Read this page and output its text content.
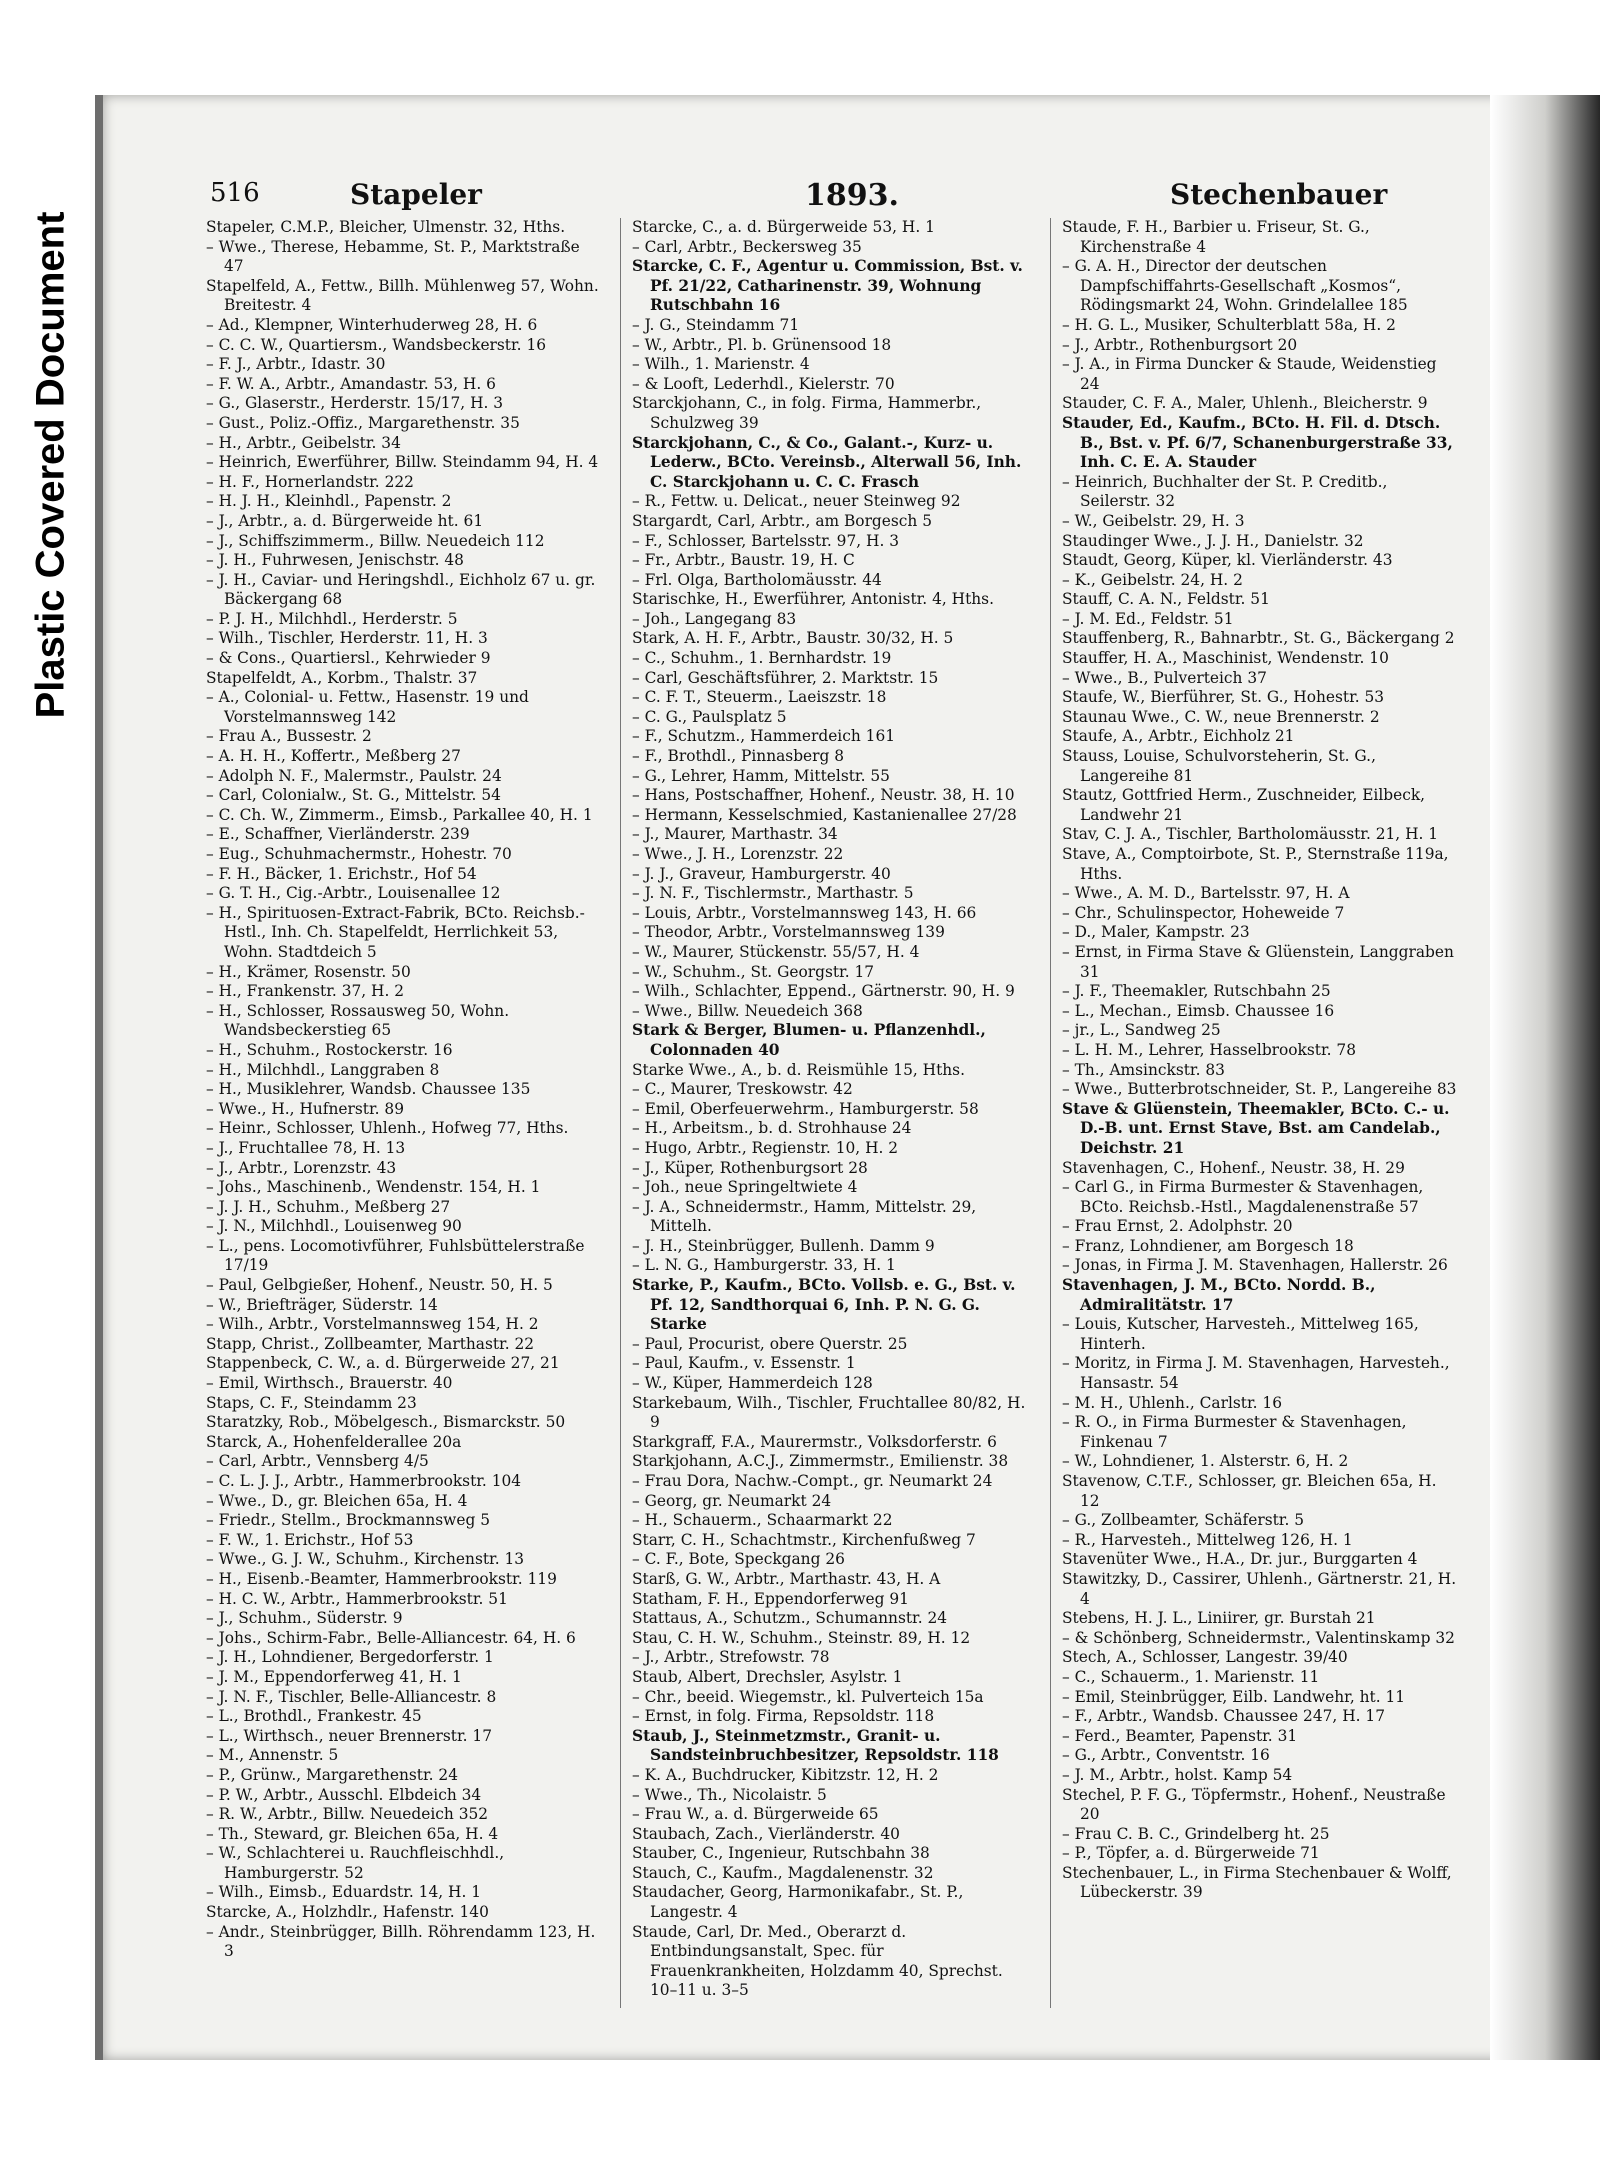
Plastic Covered Document
516	Stapeler	1893.	Stechenbauer
Stapeler, C.M.P., Bleicher, Ulmenstr. 32, Hths.
– Wwe., Therese, Hebamme, St. P., Marktstraße 47
Stapelfeld, A., Fettw., Billh. Mühlenweg 57, Wohn. Breitestr. 4
– Ad., Klempner, Winterhuderweg 28, H. 6
– C. C. W., Quartiersm., Wandsbeckerstr. 16
– F. J., Arbtr., Idastr. 30
– F. W. A., Arbtr., Amandastr. 53, H. 6
– G., Glaserstr., Herderstr. 15/17, H. 3
– Gust., Poliz.-Offiz., Margarethenstr. 35
– H., Arbtr., Geibelstr. 34
– Heinrich, Ewerführer, Billw. Steindamm 94, H. 4
– H. F., Hornerlandstr. 222
– H. J. H., Kleinhdl., Papenstr. 2
– J., Arbtr., a. d. Bürgerweide ht. 61
– J., Schiffszimmerm., Billw. Neuedeich 112
– J. H., Fuhrwesen, Jenischstr. 48
– J. H., Caviar- und Heringshdl., Eichholz 67 u. gr. Bäckergang 68
– P. J. H., Milchhdl., Herderstr. 5
– Wilh., Tischler, Herderstr. 11, H. 3
– & Cons., Quartiersl., Kehrwieder 9
Stapelfeldt, A., Korbm., Thalstr. 37
– A., Colonial- u. Fettw., Hasenstr. 19 und Vorstelmannsweg 142
– Frau A., Bussestr. 2
– A. H. H., Koffertr., Meßberg 27
– Adolph N. F., Malermstr., Paulstr. 24
– Carl, Colonialw., St. G., Mittelstr. 54
– C. Ch. W., Zimmerm., Eimsb., Parkallee 40, H. 1
– E., Schaffner, Vierländerstr. 239
– Eug., Schuhmachermstr., Hohestr. 70
– F. H., Bäcker, 1. Erichstr., Hof 54
– G. T. H., Cig.-Arbtr., Louisenallee 12
– H., Spirituosen-Extract-Fabrik, BCto. Reichsb.-Hstl., Inh. Ch. Stapelfeldt, Herrlichkeit 53, Wohn. Stadtdeich 5
– H., Krämer, Rosenstr. 50
– H., Frankenstr. 37, H. 2
– H., Schlosser, Rossausweg 50, Wohn. Wandsbeckerstieg 65
– H., Schuhm., Rostockerstr. 16
– H., Milchhdl., Langgraben 8
– H., Musiklehrer, Wandsb. Chaussee 135
– Wwe., H., Hufnerstr. 89
– Heinr., Schlosser, Uhlenh., Hofweg 77, Hths.
– J., Fruchtallee 78, H. 13
– J., Arbtr., Lorenzstr. 43
– Johs., Maschinenb., Wendenstr. 154, H. 1
– J. J. H., Schuhm., Meßberg 27
– J. N., Milchhdl., Louisenweg 90
– L., pens. Locomotivführer, Fuhlsbüttelerstraße 17/19
– Paul, Gelbgießer, Hohenf., Neustr. 50, H. 5
– W., Briefträger, Süderstr. 14
– Wilh., Arbtr., Vorstelmannsweg 154, H. 2
Stapp, Christ., Zollbeamter, Marthastr. 22
Stappenbeck, C. W., a. d. Bürgerweide 27, 21
– Emil, Wirthsch., Brauerstr. 40
Staps, C. F., Steindamm 23
Staratzky, Rob., Möbelgesch., Bismarckstr. 50
Starck, A., Hohenfelderallee 20a
– Carl, Arbtr., Vennsberg 4/5
– C. L. J. J., Arbtr., Hammerbrookstr. 104
– Wwe., D., gr. Bleichen 65a, H. 4
– Friedr., Stellm., Brockmannsweg 5
– F. W., 1. Erichstr., Hof 53
– Wwe., G. J. W., Schuhm., Kirchenstr. 13
– H., Eisenb.-Beamter, Hammerbrookstr. 119
– H. C. W., Arbtr., Hammerbrookstr. 51
– J., Schuhm., Süderstr. 9
– Johs., Schirm-Fabr., Belle-Alliancestr. 64, H. 6
– J. H., Lohndiener, Bergedorferstr. 1
– J. M., Eppendorferweg 41, H. 1
– J. N. F., Tischler, Belle-Alliancestr. 8
– L., Brothdl., Frankestr. 45
– L., Wirthsch., neuer Brennerstr. 17
– M., Annenstr. 5
– P., Grünw., Margarethenstr. 24
– P. W., Arbtr., Ausschl. Elbdeich 34
– R. W., Arbtr., Billw. Neuedeich 352
– Th., Steward, gr. Bleichen 65a, H. 4
– W., Schlachterei u. Rauchfleischhdl., Hamburgerstr. 52
– Wilh., Eimsb., Eduardstr. 14, H. 1
Starcke, A., Holzhdlr., Hafenstr. 140
– Andr., Steinbrügger, Billh. Röhrendamm 123, H. 3
Starcke, C., a. d. Bürgerweide 53, H. 1
– Carl, Arbtr., Beckersweg 35
Starcke, C. F., Agentur u. Commission, Bst. v. Pf. 21/22, Catharinenstr. 39, Wohnung Rutschbahn 16
– J. G., Steindamm 71
– W., Arbtr., Pl. b. Grünensood 18
– Wilh., 1. Marienstr. 4
– & Looft, Lederhdl., Kielerstr. 70
Starckjohann, C., in folg. Firma, Hammerbr., Schulzweg 39
Starckjohann, C., & Co., Galant.-, Kurz- u. Lederw., BCto. Vereinsb., Alterwall 56, Inh. C. Starckjohann u. C. C. Frasch
– R., Fettw. u. Delicat., neuer Steinweg 92
Stargardt, Carl, Arbtr., am Borgesch 5
– F., Schlosser, Bartelsstr. 97, H. 3
– Fr., Arbtr., Baustr. 19, H. C
– Frl. Olga, Bartholomäusstr. 44
Starischke, H., Ewerführer, Antonistr. 4, Hths.
– Joh., Langegang 83
Stark, A. H. F., Arbtr., Baustr. 30/32, H. 5
– C., Schuhm., 1. Bernhardstr. 19
– Carl, Geschäftsführer, 2. Marktstr. 15
– C. F. T., Steuerm., Laeiszstr. 18
– C. G., Paulsplatz 5
– F., Schutzm., Hammerdeich 161
– F., Brothdl., Pinnasberg 8
– G., Lehrer, Hamm, Mittelstr. 55
– Hans, Postschaffner, Hohenf., Neustr. 38, H. 10
– Hermann, Kesselschmied, Kastanienallee 27/28
– J., Maurer, Marthastr. 34
– Wwe., J. H., Lorenzstr. 22
– J. J., Graveur, Hamburgerstr. 40
– J. N. F., Tischlermstr., Marthastr. 5
– Louis, Arbtr., Vorstelmannsweg 143, H. 66
– Theodor, Arbtr., Vorstelmannsweg 139
– W., Maurer, Stückenstr. 55/57, H. 4
– W., Schuhm., St. Georgstr. 17
– Wilh., Schlachter, Eppend., Gärtnerstr. 90, H. 9
– Wwe., Billw. Neuedeich 368
Stark & Berger, Blumen- u. Pflanzenhdl., Colonnaden 40
Starke Wwe., A., b. d. Reismühle 15, Hths.
– C., Maurer, Treskowstr. 42
– Emil, Oberfeuerwehrm., Hamburgerstr. 58
– H., Arbeitsm., b. d. Strohhause 24
– Hugo, Arbtr., Regienstr. 10, H. 2
– J., Küper, Rothenburgsort 28
– Joh., neue Springeltwiete 4
– J. A., Schneidermstr., Hamm, Mittelstr. 29, Mittelh.
– J. H., Steinbrügger, Bullenh. Damm 9
– L. N. G., Hamburgerstr. 33, H. 1
Starke, P., Kaufm., BCto. Vollsb. e. G., Bst. v. Pf. 12, Sandthorquai 6, Inh. P. N. G. G. Starke
– Paul, Procurist, obere Querstr. 25
– Paul, Kaufm., v. Essenstr. 1
– W., Küper, Hammerdeich 128
Starkebaum, Wilh., Tischler, Fruchtallee 80/82, H. 9
Starkgraff, F.A., Maurermstr., Volksdorferstr. 6
Starkjohann, A.C.J., Zimmermstr., Emilienstr. 38
– Frau Dora, Nachw.-Compt., gr. Neumarkt 24
– Georg, gr. Neumarkt 24
– H., Schauerm., Schaarmarkt 22
Starr, C. H., Schachtmstr., Kirchenfußweg 7
– C. F., Bote, Speckgang 26
Starß, G. W., Arbtr., Marthastr. 43, H. A
Statham, F. H., Eppendorferweg 91
Stattaus, A., Schutzm., Schumannstr. 24
Stau, C. H. W., Schuhm., Steinstr. 89, H. 12
– J., Arbtr., Strefowstr. 78
Staub, Albert, Drechsler, Asylstr. 1
– Chr., beeid. Wiegemstr., kl. Pulverteich 15a
– Ernst, in folg. Firma, Repsoldstr. 118
Staub, J., Steinmetzmstr., Granit- u. Sandsteinbruchbesitzer, Repsoldstr. 118
– K. A., Buchdrucker, Kibitzstr. 12, H. 2
– Wwe., Th., Nicolaistr. 5
– Frau W., a. d. Bürgerweide 65
Staubach, Zach., Vierländerstr. 40
Stauber, C., Ingenieur, Rutschbahn 38
Stauch, C., Kaufm., Magdalenenstr. 32
Staudacher, Georg, Harmonikafabr., St. P., Langestr. 4
Staude, Carl, Dr. Med., Oberarzt d. Entbindungsanstalt, Spec. für Frauenkrankheiten, Holzdamm 40, Sprechst. 10–11 u. 3–5
Staude, F. H., Barbier u. Friseur, St. G., Kirchenstraße 4
– G. A. H., Director der deutschen Dampfschiffahrts-Gesellschaft „Kosmos“, Rödingsmarkt 24, Wohn. Grindelallee 185
– H. G. L., Musiker, Schulterblatt 58a, H. 2
– J., Arbtr., Rothenburgsort 20
– J. A., in Firma Duncker & Staude, Weidenstieg 24
Stauder, C. F. A., Maler, Uhlenh., Bleicherstr. 9
Stauder, Ed., Kaufm., BCto. H. Fil. d. Dtsch. B., Bst. v. Pf. 6/7, Schanenburgerstraße 33, Inh. C. E. A. Stauder
– Heinrich, Buchhalter der St. P. Creditb., Seilerstr. 32
– W., Geibelstr. 29, H. 3
Staudinger Wwe., J. J. H., Danielstr. 32
Staudt, Georg, Küper, kl. Vierländerstr. 43
– K., Geibelstr. 24, H. 2
Stauff, C. A. N., Feldstr. 51
– J. M. Ed., Feldstr. 51
Stauffenberg, R., Bahnarbtr., St. G., Bäckergang 2
Stauffer, H. A., Maschinist, Wendenstr. 10
– Wwe., B., Pulverteich 37
Staufe, W., Bierführer, St. G., Hohestr. 53
Staunau Wwe., C. W., neue Brennerstr. 2
Staufe, A., Arbtr., Eichholz 21
Stauss, Louise, Schulvorsteherin, St. G., Langereihe 81
Stautz, Gottfried Herm., Zuschneider, Eilbeck, Landwehr 21
Stav, C. J. A., Tischler, Bartholomäusstr. 21, H. 1
Stave, A., Comptoirbote, St. P., Sternstraße 119a, Hths.
– Wwe., A. M. D., Bartelsstr. 97, H. A
– Chr., Schulinspector, Hoheweide 7
– D., Maler, Kampstr. 23
– Ernst, in Firma Stave & Glüenstein, Langgraben 31
– J. F., Theemakler, Rutschbahn 25
– L., Mechan., Eimsb. Chaussee 16
– jr., L., Sandweg 25
– L. H. M., Lehrer, Hasselbrookstr. 78
– Th., Amsinckstr. 83
– Wwe., Butterbrotschneider, St. P., Langereihe 83
Stave & Glüenstein, Theemakler, BCto. C.- u. D.-B. unt. Ernst Stave, Bst. am Candelab., Deichstr. 21
Stavenhagen, C., Hohenf., Neustr. 38, H. 29
– Carl G., in Firma Burmester & Stavenhagen, BCto. Reichsb.-Hstl., Magdalenenstraße 57
– Frau Ernst, 2. Adolphstr. 20
– Franz, Lohndiener, am Borgesch 18
– Jonas, in Firma J. M. Stavenhagen, Hallerstr. 26
Stavenhagen, J. M., BCto. Nordd. B., Admiralitätstr. 17
– Louis, Kutscher, Harvesteh., Mittelweg 165, Hinterh.
– Moritz, in Firma J. M. Stavenhagen, Harvesteh., Hansastr. 54
– M. H., Uhlenh., Carlstr. 16
– R. O., in Firma Burmester & Stavenhagen, Finkenau 7
– W., Lohndiener, 1. Alsterstr. 6, H. 2
Stavenow, C.T.F., Schlosser, gr. Bleichen 65a, H. 12
– G., Zollbeamter, Schäferstr. 5
– R., Harvesteh., Mittelweg 126, H. 1
Stavenüter Wwe., H.A., Dr. jur., Burggarten 4
Stawitzky, D., Cassirer, Uhlenh., Gärtnerstr. 21, H. 4
Stebens, H. J. L., Liniirer, gr. Burstah 21
– & Schönberg, Schneidermstr., Valentinskamp 32
Stech, A., Schlosser, Langestr. 39/40
– C., Schauerm., 1. Marienstr. 11
– Emil, Steinbrügger, Eilb. Landwehr, ht. 11
– F., Arbtr., Wandsb. Chaussee 247, H. 17
– Ferd., Beamter, Papenstr. 31
– G., Arbtr., Conventstr. 16
– J. M., Arbtr., holst. Kamp 54
Stechel, P. F. G., Töpfermstr., Hohenf., Neustraße 20
– Frau C. B. C., Grindelberg ht. 25
– P., Töpfer, a. d. Bürgerweide 71
Stechenbauer, L., in Firma Stechenbauer & Wolff, Lübeckerstr. 39
